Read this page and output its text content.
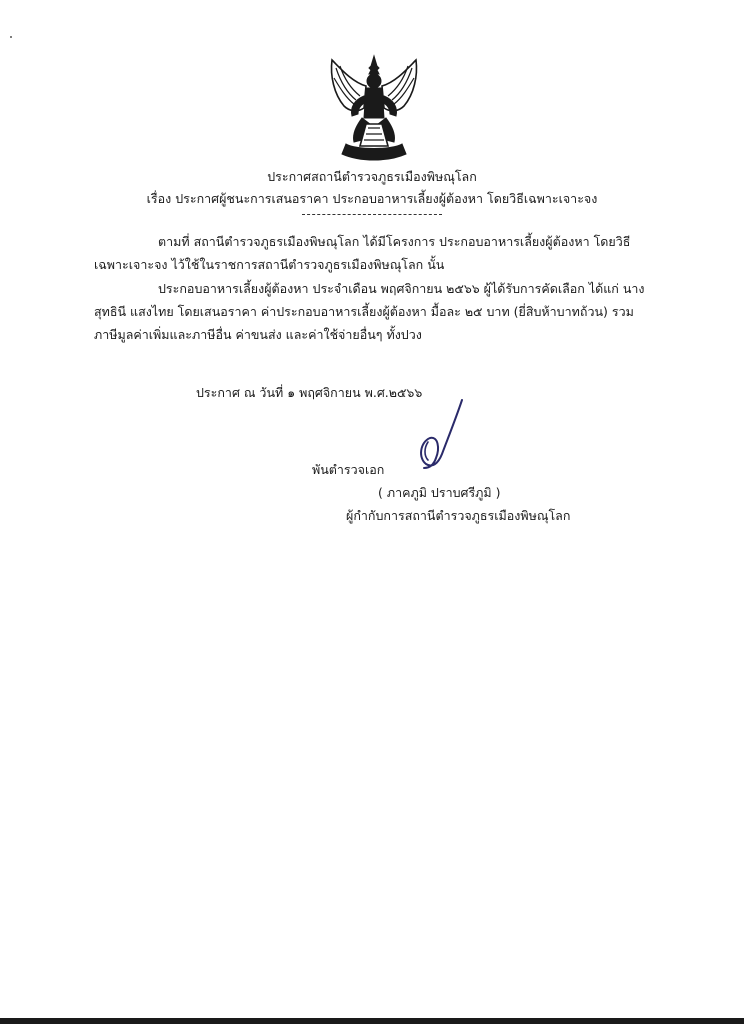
ประกาศสถานีตำรวจภูธรเมืองพิษณุโลก
เรื่อง ประกาศผู้ชนะการเสนอราคา ประกอบอาหารเลี้ยงผู้ต้องหา โดยวิธีเฉพาะเจาะจง
ตามที่ สถานีตำรวจภูธรเมืองพิษณุโลก ได้มีโครงการ ประกอบอาหารเลี้ยงผู้ต้องหา โดยวิธี
เฉพาะเจาะจง ไว้ใช้ในราชการสถานีตำรวจภูธรเมืองพิษณุโลก นั้น
ประกอบอาหารเลี้ยงผู้ต้องหา ประจำเดือน พฤศจิกายน ๒๕๖๖ ผู้ได้รับการคัดเลือก ได้แก่ นาง
สุทธินี แสงไทย โดยเสนอราคา ค่าประกอบอาหารเลี้ยงผู้ต้องหา มื้อละ ๒๕ บาท (ยี่สิบห้าบาทถ้วน) รวม
ภาษีมูลค่าเพิ่มและภาษีอื่น ค่าขนส่ง และค่าใช้จ่ายอื่นๆ ทั้งปวง
ประกาศ ณ วันที่ ๑ พฤศจิกายน พ.ศ.๒๕๖๖
พันตำรวจเอก
( ภาคภูมิ ปราบศรีภูมิ )
ผู้กำกับการสถานีตำรวจภูธรเมืองพิษณุโลก
